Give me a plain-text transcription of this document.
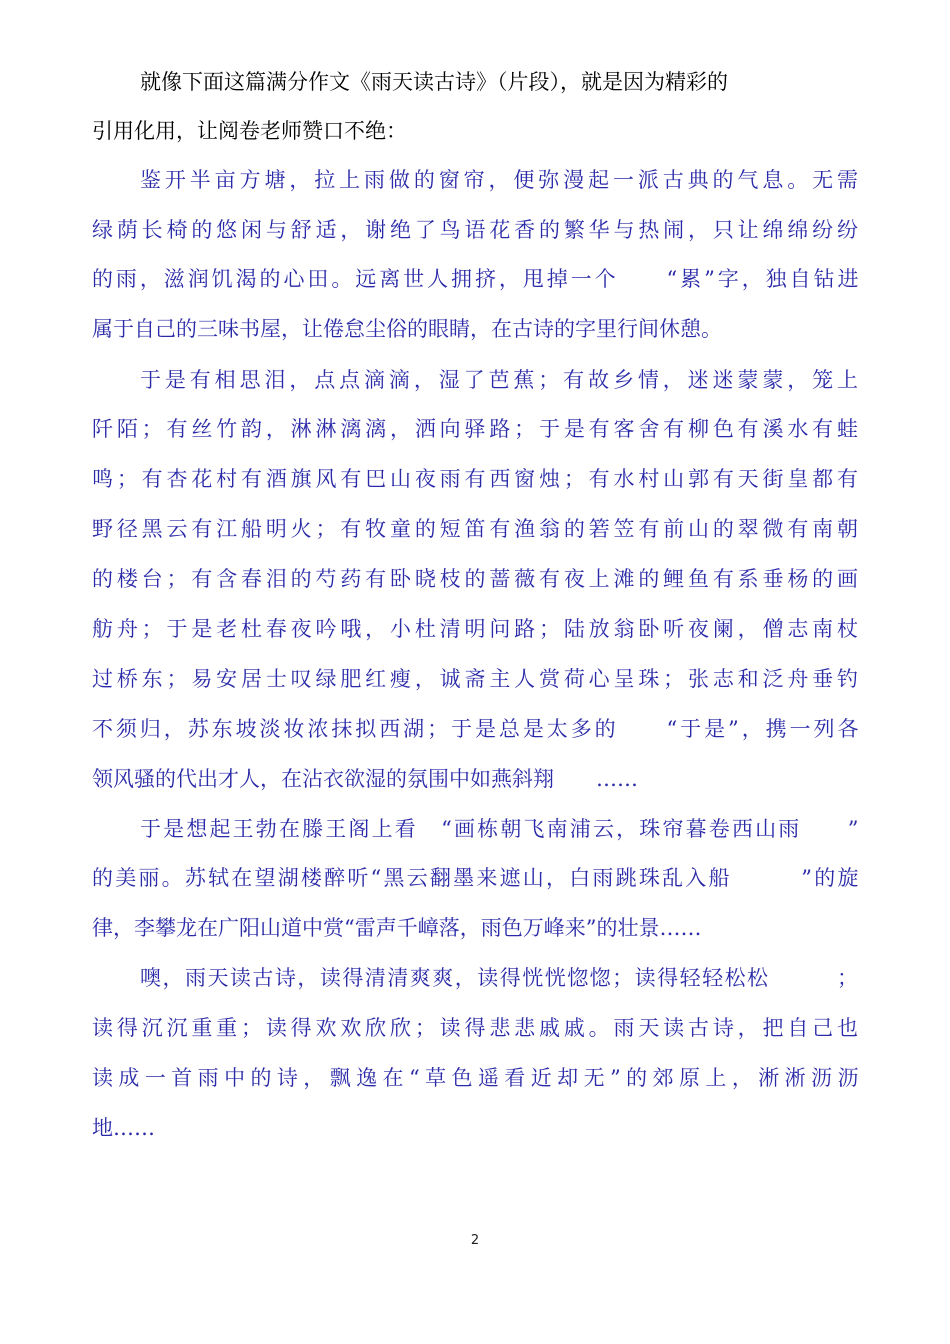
就像下面这篇满分作文《雨天读古诗》（片段），就是因为精彩的
引用化用，让阅卷老师赞口不绝：
鉴开半亩方塘，拉上雨做的窗帘，便弥漫起一派古典的气息。无需
绿荫长椅的悠闲与舒适，谢绝了鸟语花香的繁华与热闹，只让绵绵纷纷
的雨，滋润饥渴的心田。远离世人拥挤，甩掉一个　　“累”字，独自钻进
属于自己的三味书屋，让倦怠尘俗的眼睛，在古诗的字里行间休憩。
于是有相思泪，点点滴滴，湿了芭蕉；有故乡情，迷迷蒙蒙，笼上
阡陌；有丝竹韵，淋淋漓漓，洒向驿路；于是有客舍有柳色有溪水有蛙
鸣；有杏花村有酒旗风有巴山夜雨有西窗烛；有水村山郭有天街皇都有
野径黑云有江船明火；有牧童的短笛有渔翁的箬笠有前山的翠微有南朝
的楼台；有含春泪的芍药有卧晓枝的蔷薇有夜上滩的鲤鱼有系垂杨的画
舫舟；于是老杜春夜吟哦，小杜清明问路；陆放翁卧听夜阑，僧志南杖
过桥东；易安居士叹绿肥红瘦，诚斋主人赏荷心呈珠；张志和泛舟垂钓
不须归，苏东坡淡妆浓抹拟西湖；于是总是太多的　　“于是”，携一列各
领风骚的代出才人，在沾衣欲湿的氛围中如燕斜翔　　……
于是想起王勃在滕王阁上看　“画栋朝飞南浦云，珠帘暮卷西山雨　　”
的美丽。苏轼在望湖楼醉听“黑云翻墨来遮山，白雨跳珠乱入船　　　”的旋
律，李攀龙在广阳山道中赏“雷声千嶂落，雨色万峰来”的壮景……
噢，雨天读古诗，读得清清爽爽，读得恍恍惚惚；读得轻轻松松　　　；
读得沉沉重重；读得欢欢欣欣；读得悲悲戚戚。雨天读古诗，把自己也
读成一首雨中的诗，飘逸在“草色遥看近却无”的郊原上，淅淅沥沥
地……
2
